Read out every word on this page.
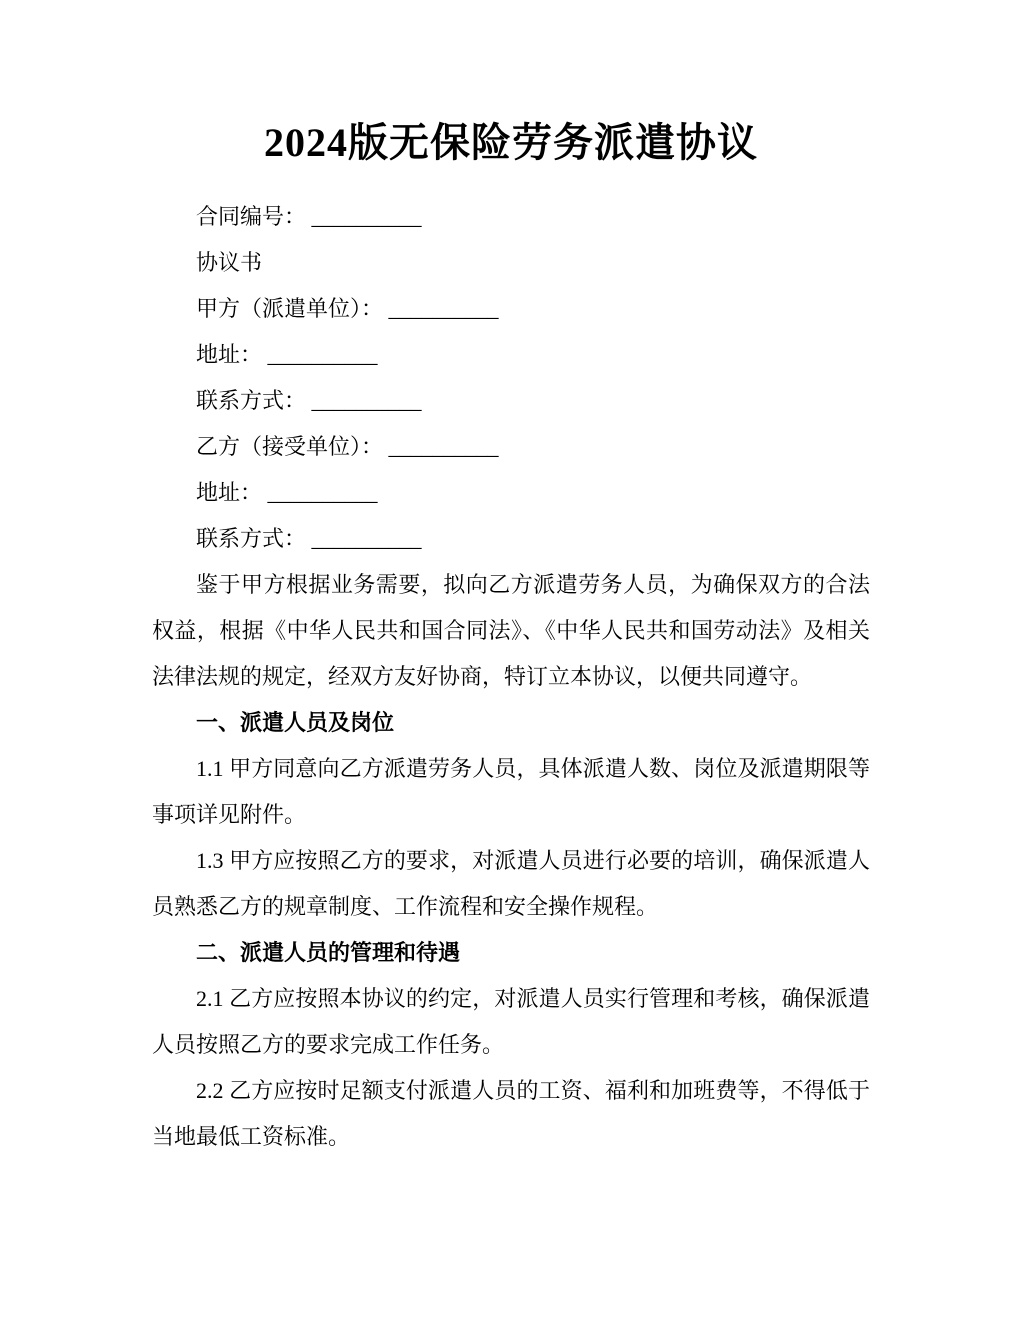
2024版无保险劳务派遣协议

合同编号： __________

协议书

甲方（派遣单位）： __________

地址： __________

联系方式： __________

乙方（接受单位）： __________

地址： __________

联系方式： __________

鉴于甲方根据业务需要，拟向乙方派遣劳务人员，为确保双方的合法权益，根据《中华人民共和国合同法》、《中华人民共和国劳动法》及相关法律法规的规定，经双方友好协商，特订立本协议，以便共同遵守。

一、派遣人员及岗位

1.1 甲方同意向乙方派遣劳务人员，具体派遣人数、岗位及派遣期限等事项详见附件。

1.3 甲方应按照乙方的要求，对派遣人员进行必要的培训，确保派遣人员熟悉乙方的规章制度、工作流程和安全操作规程。

二、派遣人员的管理和待遇

2.1 乙方应按照本协议的约定，对派遣人员实行管理和考核，确保派遣人员按照乙方的要求完成工作任务。

2.2 乙方应按时足额支付派遣人员的工资、福利和加班费等，不得低于当地最低工资标准。
